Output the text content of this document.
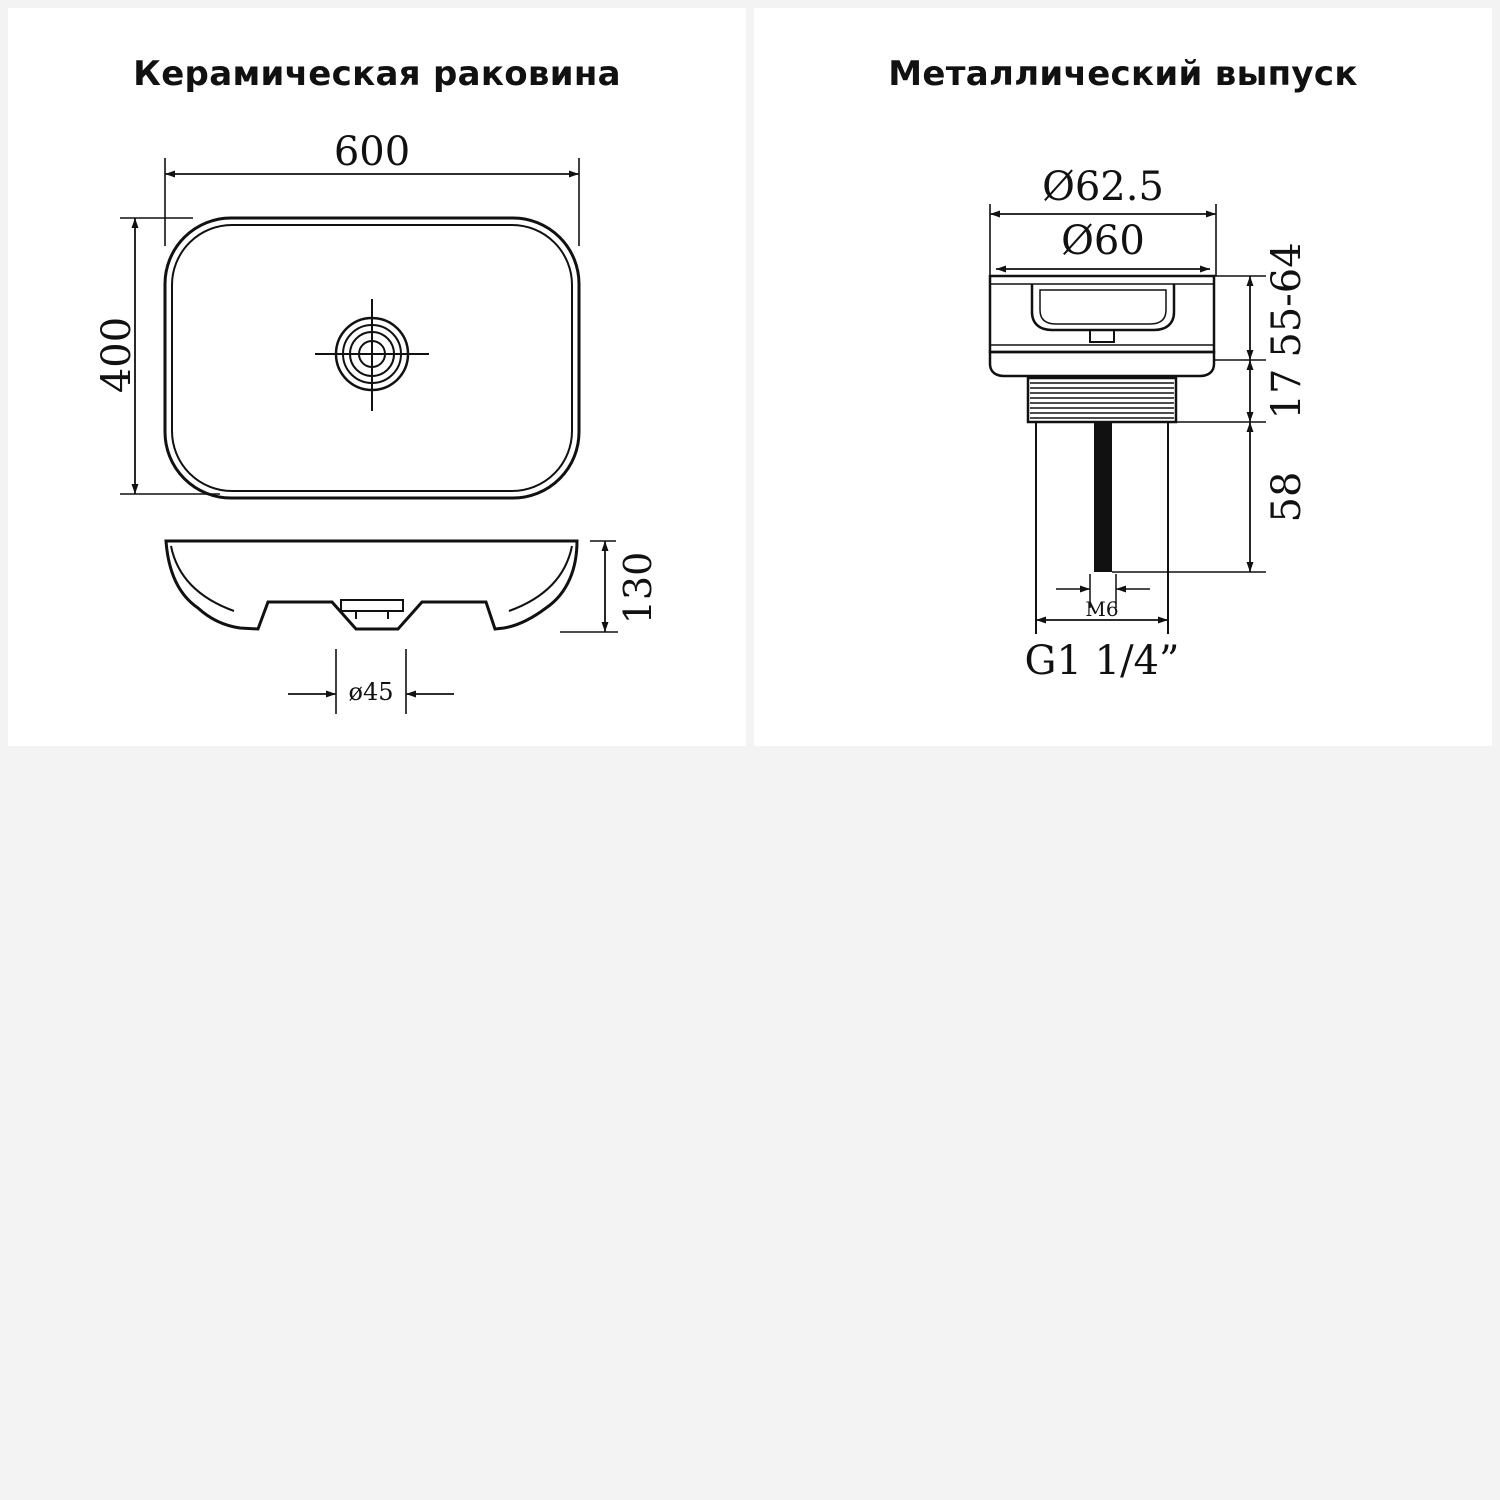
Керамическая раковина
600
400
130
ø45
Металлический выпуск
Ø62.5
Ø60
55-64
17
58
M6
G1 1/4”
